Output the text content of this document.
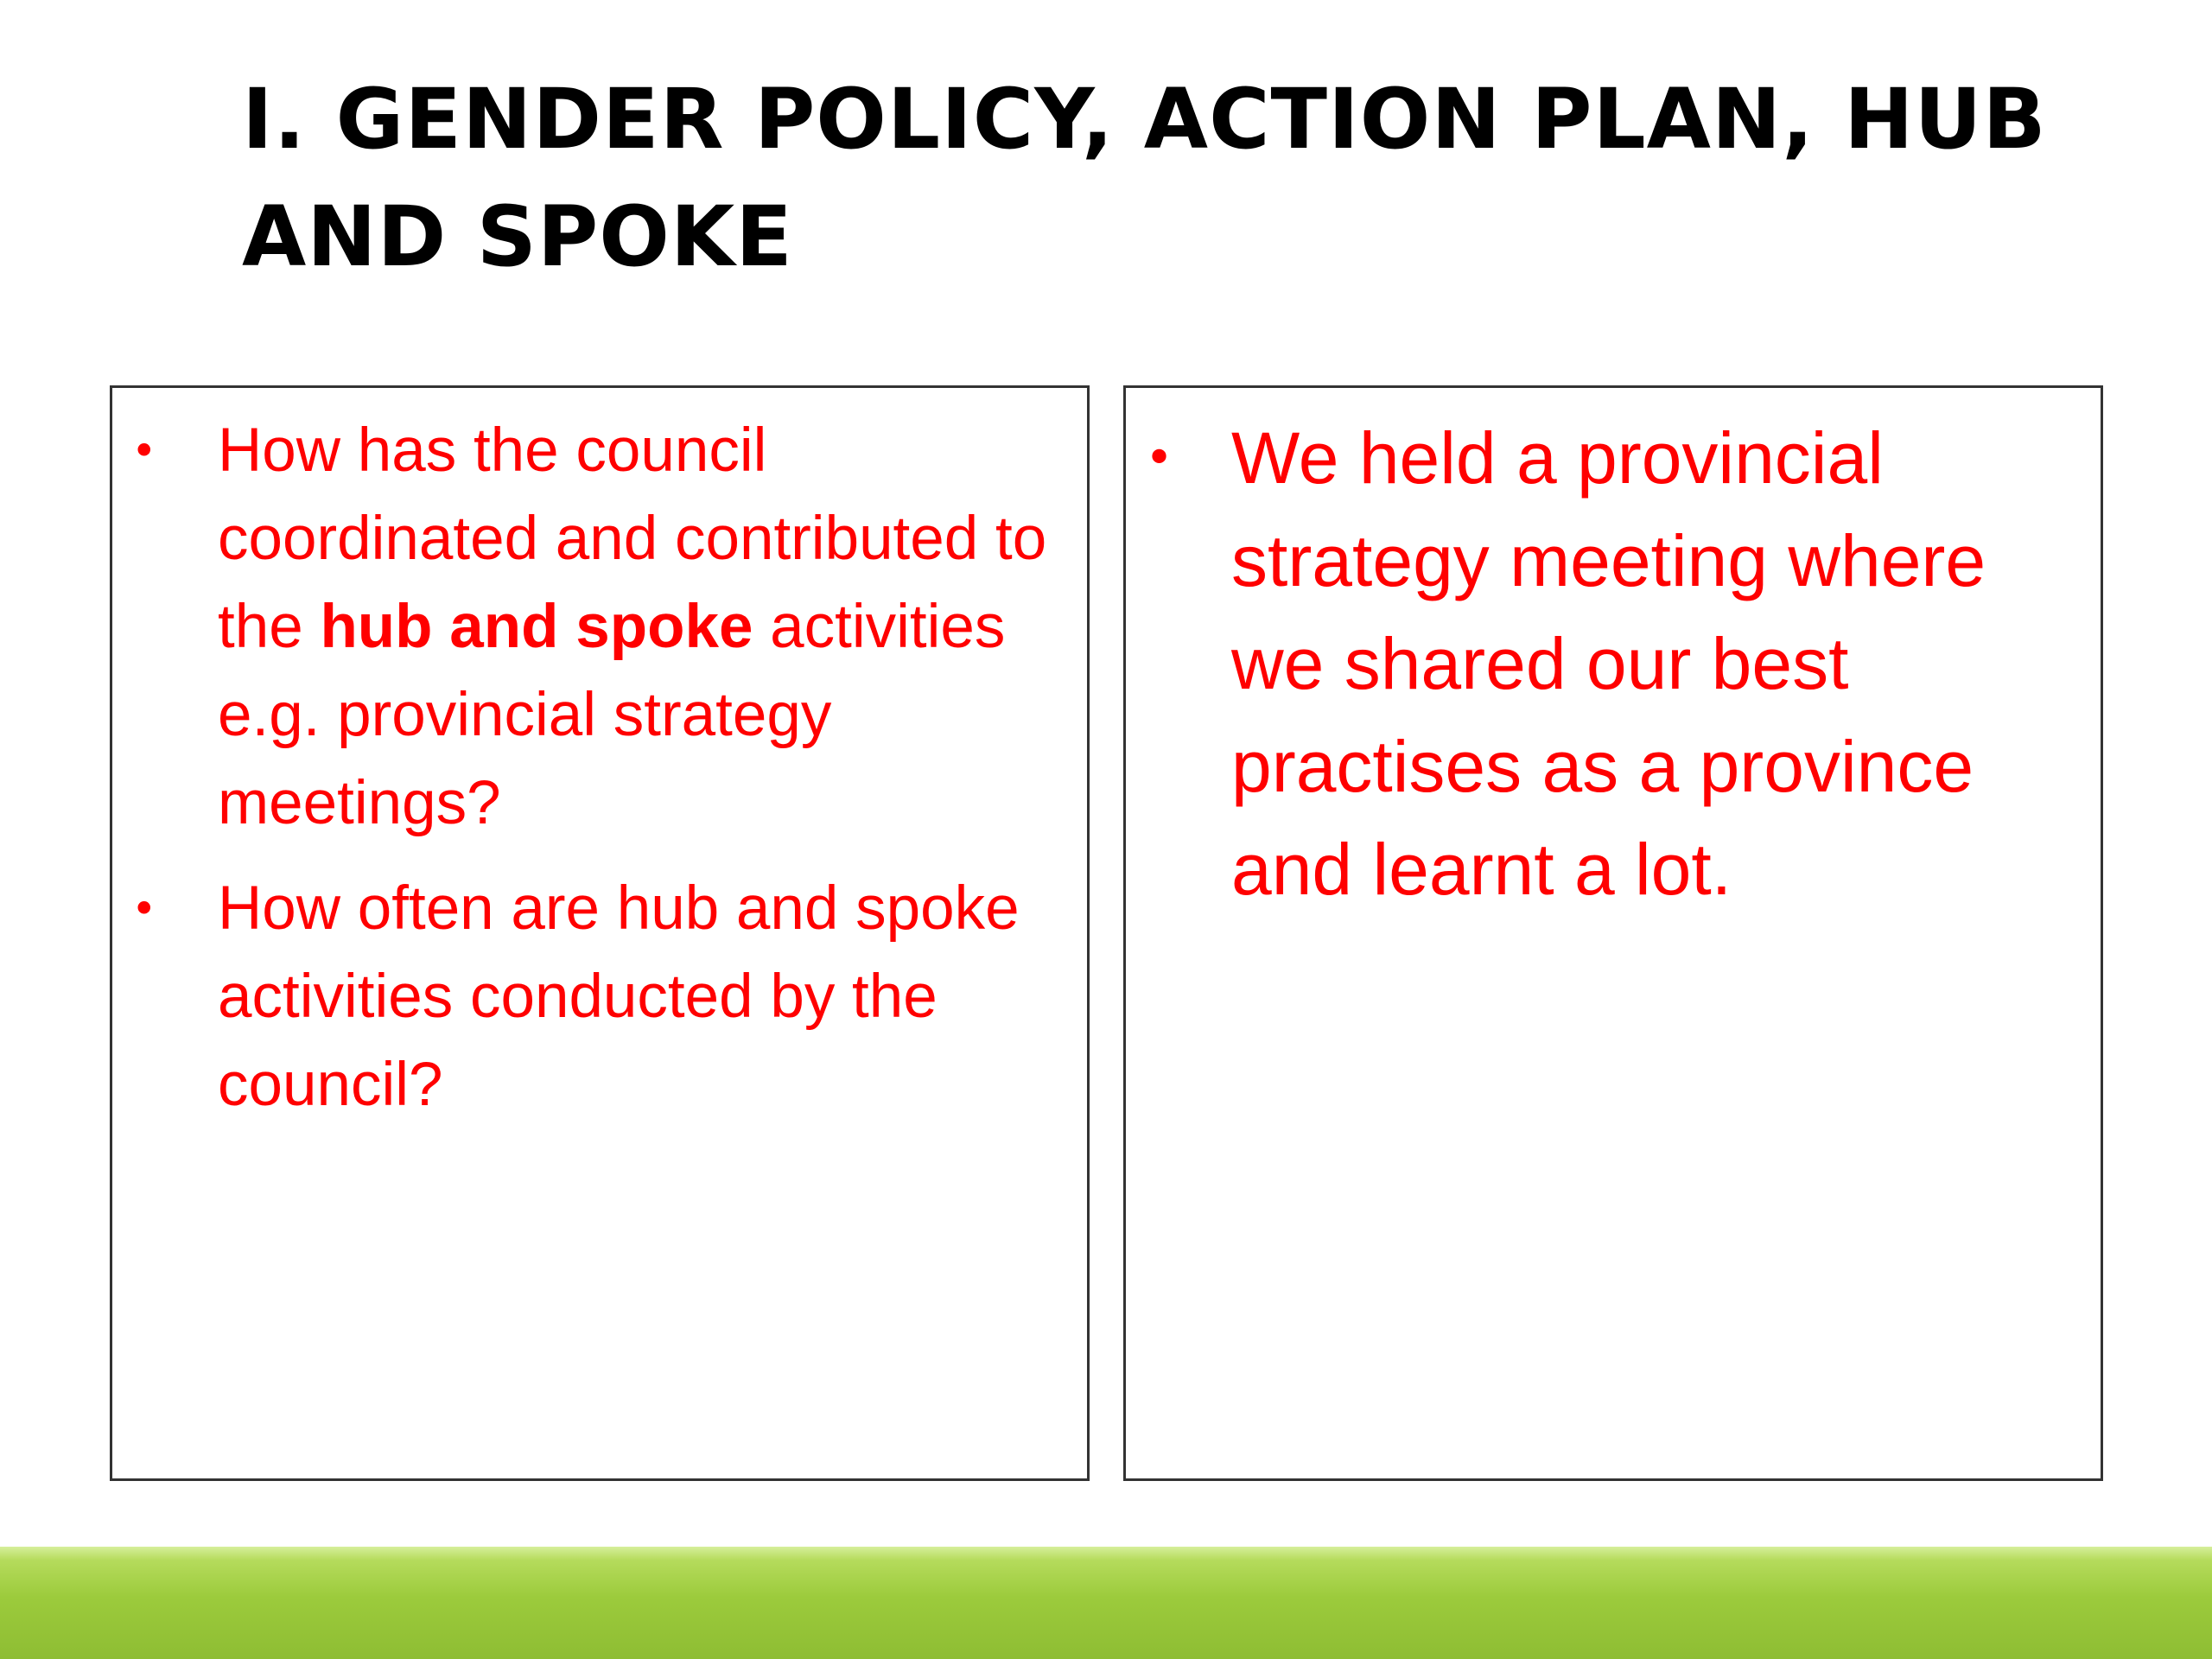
I. GENDER POLICY, ACTION PLAN, HUB AND SPOKE
• How has the council coordinated and contributed to the hub and spoke activities e.g. provincial strategy meetings?
• How often are hub and spoke activities conducted by the council?
• We held a provincial strategy meeting where we shared our best practises as a province and learnt a lot.
